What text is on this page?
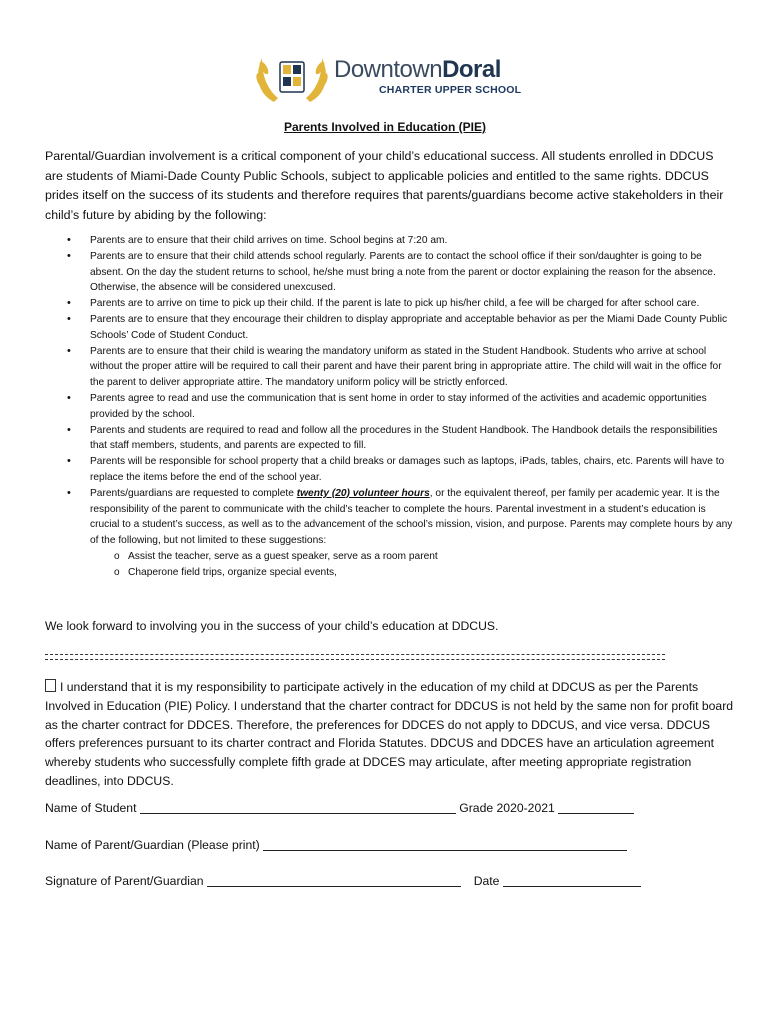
DowntownDoral
CHARTER UPPER SCHOOL
Parents Involved in Education (PIE)
Parental/Guardian involvement is a critical component of your child’s educational success. All students enrolled in DDCUS are students of Miami-Dade County Public Schools, subject to applicable policies and entitled to the same rights. DDCUS prides itself on the success of its students and therefore requires that parents/guardians become active stakeholders in their child’s future by abiding by the following:
• Parents are to ensure that their child arrives on time. School begins at 7:20 am.
• Parents are to ensure that their child attends school regularly. Parents are to contact the school office if their son/daughter is going to be absent. On the day the student returns to school, he/she must bring a note from the parent or doctor explaining the reason for the absence. Otherwise, the absence will be considered unexcused.
• Parents are to arrive on time to pick up their child. If the parent is late to pick up his/her child, a fee will be charged for after school care.
• Parents are to ensure that they encourage their children to display appropriate and acceptable behavior as per the Miami Dade County Public Schools’ Code of Student Conduct.
• Parents are to ensure that their child is wearing the mandatory uniform as stated in the Student Handbook. Students who arrive at school without the proper attire will be required to call their parent and have their parent bring in appropriate attire. The child will wait in the office for the parent to deliver appropriate attire. The mandatory uniform policy will be strictly enforced.
• Parents agree to read and use the communication that is sent home in order to stay informed of the activities and academic opportunities provided by the school.
• Parents and students are required to read and follow all the procedures in the Student Handbook. The Handbook details the responsibilities that staff members, students, and parents are expected to fill.
• Parents will be responsible for school property that a child breaks or damages such as laptops, iPads, tables, chairs, etc. Parents will have to replace the items before the end of the school year.
• Parents/guardians are requested to complete twenty (20) volunteer hours, or the equivalent thereof, per family per academic year. It is the responsibility of the parent to communicate with the child’s teacher to complete the hours. Parental investment in a student’s education is crucial to a student’s success, as well as to the advancement of the school’s mission, vision, and purpose. Parents may complete hours by any of the following, but not limited to these suggestions:
o Assist the teacher, serve as a guest speaker, serve as a room parent
o Chaperone field trips, organize special events,
We look forward to involving you in the success of your child’s education at DDCUS.
I understand that it is my responsibility to participate actively in the education of my child at DDCUS as per the Parents Involved in Education (PIE) Policy. I understand that the charter contract for DDCUS is not held by the same non for profit board as the charter contract for DDCES. Therefore, the preferences for DDCES do not apply to DDCUS, and vice versa. DDCUS offers preferences pursuant to its charter contract and Florida Statutes. DDCUS and DDCES have an articulation agreement whereby students who successfully complete fifth grade at DDCES may articulate, after meeting appropriate registration deadlines, into DDCUS.
Name of Student	Grade 2020-2021
Name of Parent/Guardian (Please print)
Signature of Parent/Guardian	Date
